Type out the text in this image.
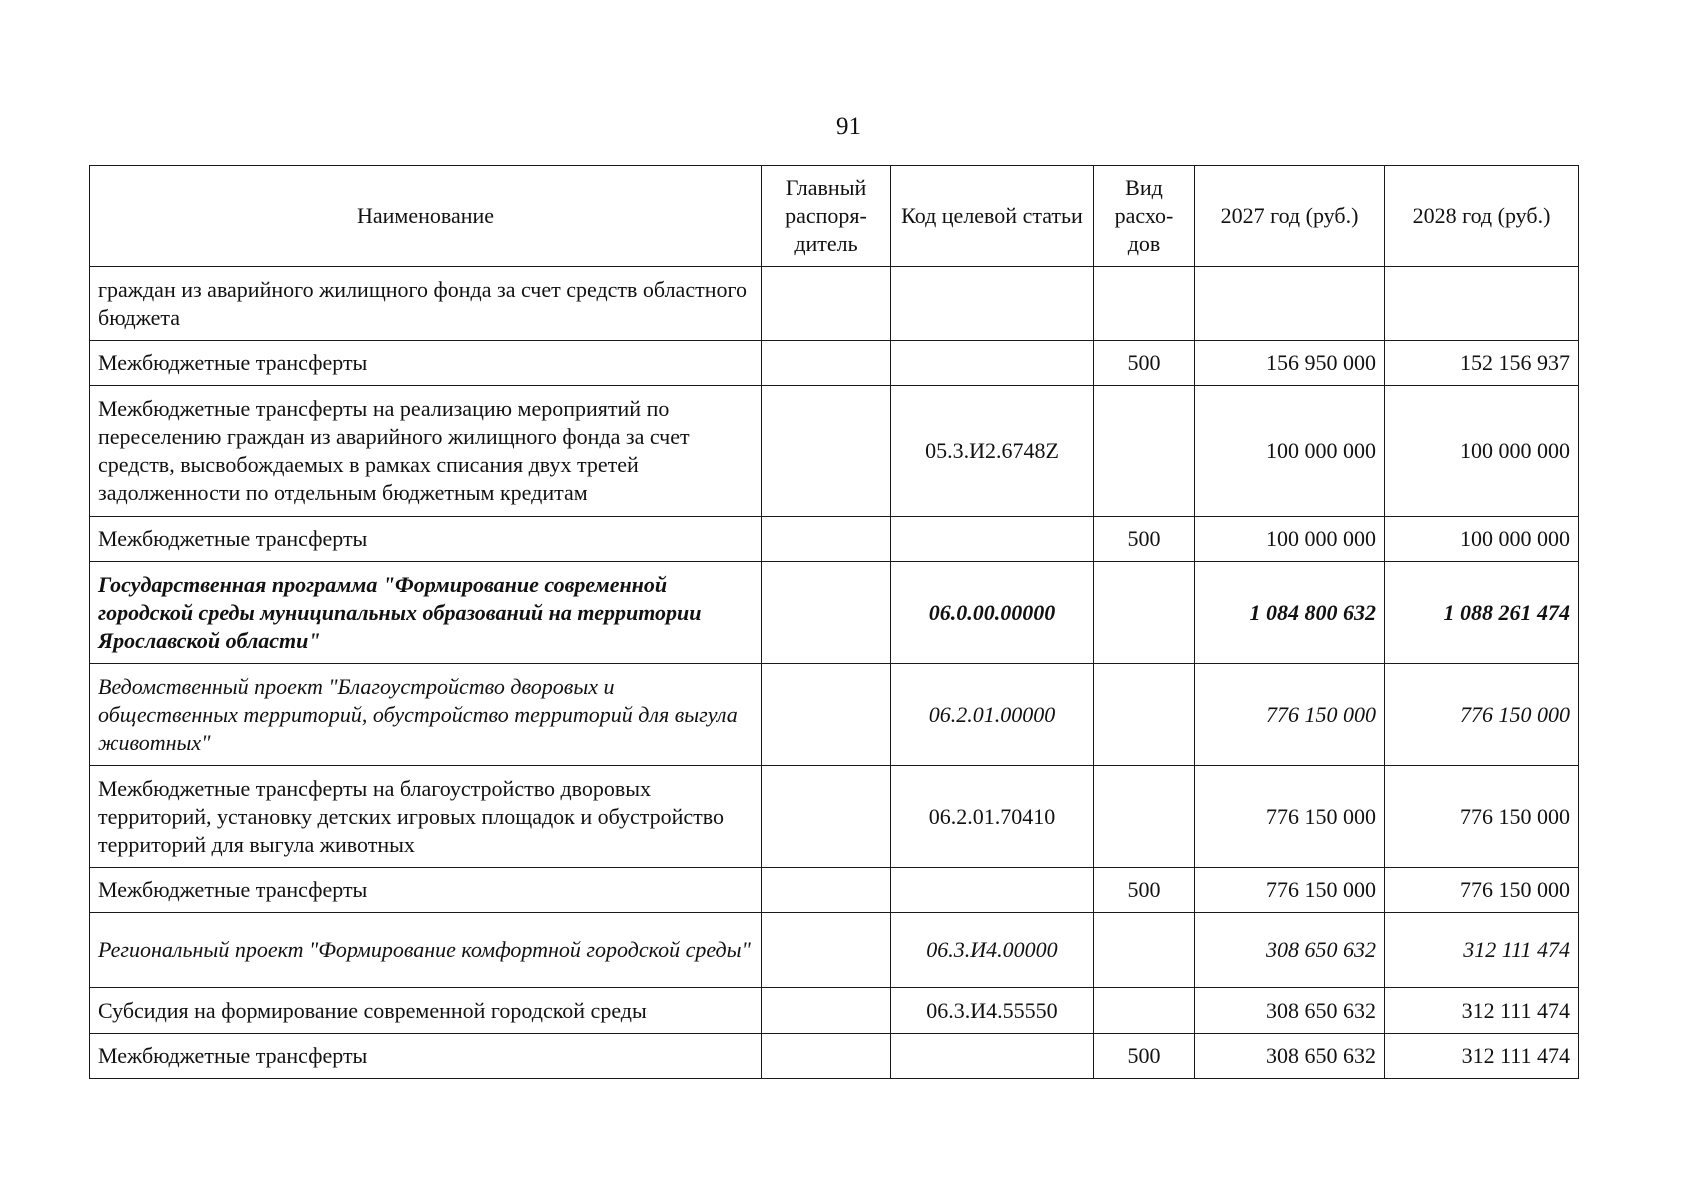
91
Наименование	Главный распоря-дитель	Код целевой статьи	Вид расхо-дов	2027 год (руб.)	2028 год (руб.)
граждан из аварийного жилищного фонда за счет средств областного бюджета					
Межбюджетные трансферты			500	156 950 000	152 156 937
Межбюджетные трансферты на реализацию мероприятий по переселению граждан из аварийного жилищного фонда за счет средств, высвобождаемых в рамках списания двух третей задолженности по отдельным бюджетным кредитам		05.3.И2.6748Z		100 000 000	100 000 000
Межбюджетные трансферты			500	100 000 000	100 000 000
Государственная программа "Формирование современной городской среды муниципальных образований на территории Ярославской области"		06.0.00.00000		1 084 800 632	1 088 261 474
Ведомственный проект "Благоустройство дворовых и общественных территорий, обустройство территорий для выгула животных"		06.2.01.00000		776 150 000	776 150 000
Межбюджетные трансферты на благоустройство дворовых территорий, установку детских игровых площадок и обустройство территорий для выгула животных		06.2.01.70410		776 150 000	776 150 000
Межбюджетные трансферты			500	776 150 000	776 150 000
Региональный проект "Формирование комфортной городской среды"		06.3.И4.00000		308 650 632	312 111 474
Субсидия на формирование современной городской среды		06.3.И4.55550		308 650 632	312 111 474
Межбюджетные трансферты			500	308 650 632	312 111 474
